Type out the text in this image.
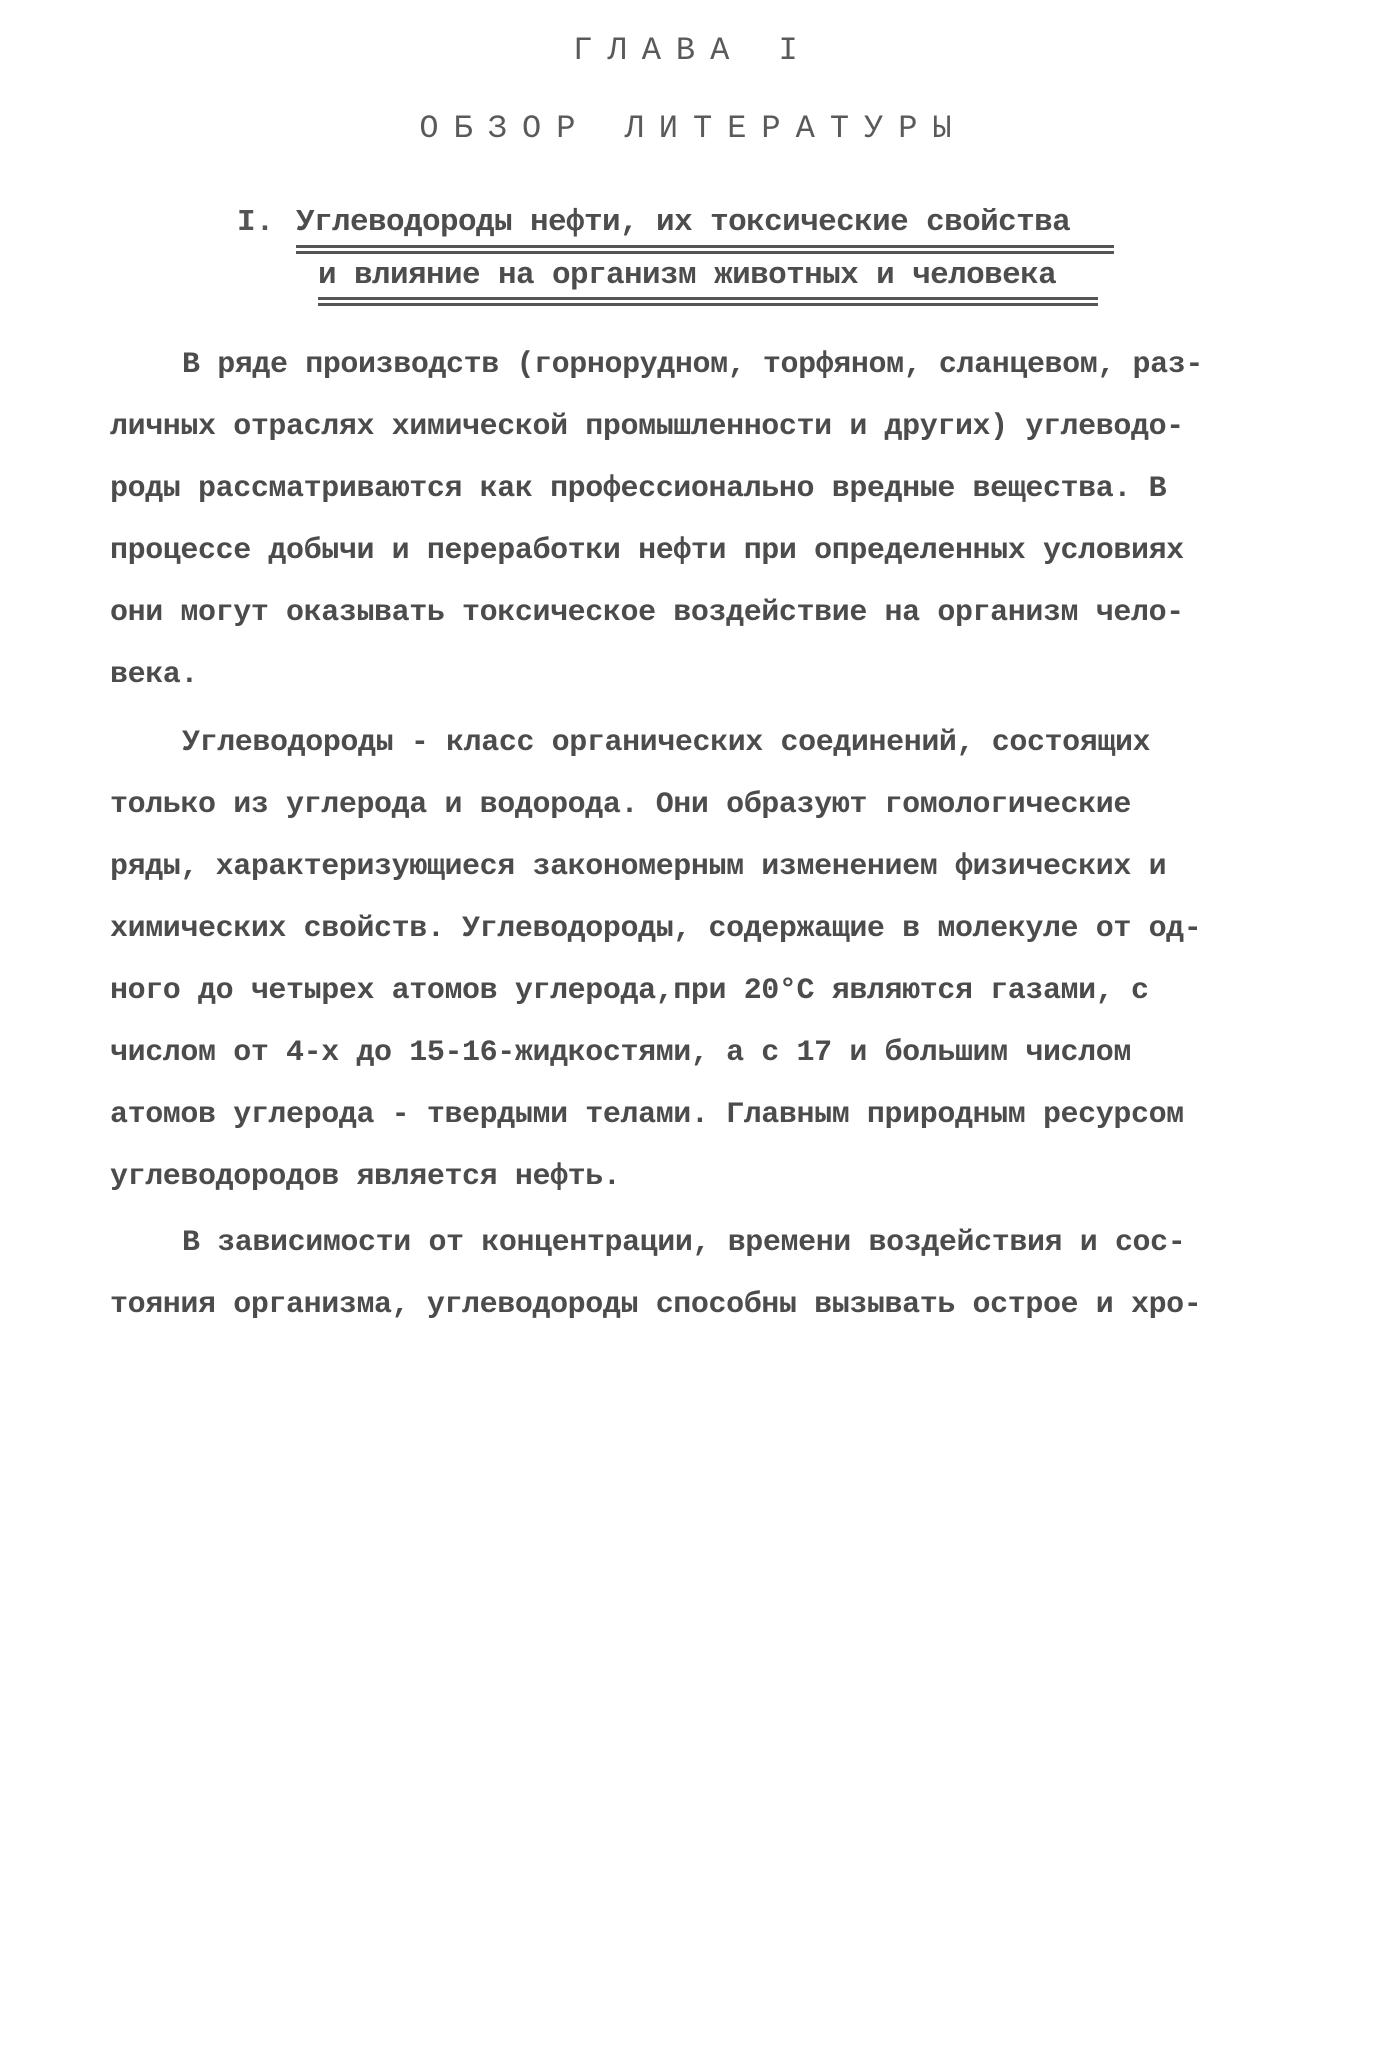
ГЛАВА I
ОБЗОР ЛИТЕРАТУРЫ
I. Углеводороды нефти, их токсические свойства
и влияние на организм животных и человека
В ряде производств (горнорудном, торфяном, сланцевом, раз-
личных отраслях химической промышленности и других) углеводо-
роды рассматриваются как профессионально вредные вещества. В
процессе добычи и переработки нефти при определенных условиях
они могут оказывать токсическое воздействие на организм чело-
века.
Углеводороды - класс органических соединений, состоящих
только из углерода и водорода. Они образуют гомологические
ряды, характеризующиеся закономерным изменением физических и
химических свойств. Углеводороды, содержащие в молекуле от од-
ного до четырех атомов углерода,при 20°С являются газами, с
числом от 4-х до 15-16-жидкостями, а с 17 и большим числом
атомов углерода - твердыми телами. Главным природным ресурсом
углеводородов является нефть.
В зависимости от концентрации, времени воздействия и сос-
тояния организма, углеводороды способны вызывать острое и хро-
